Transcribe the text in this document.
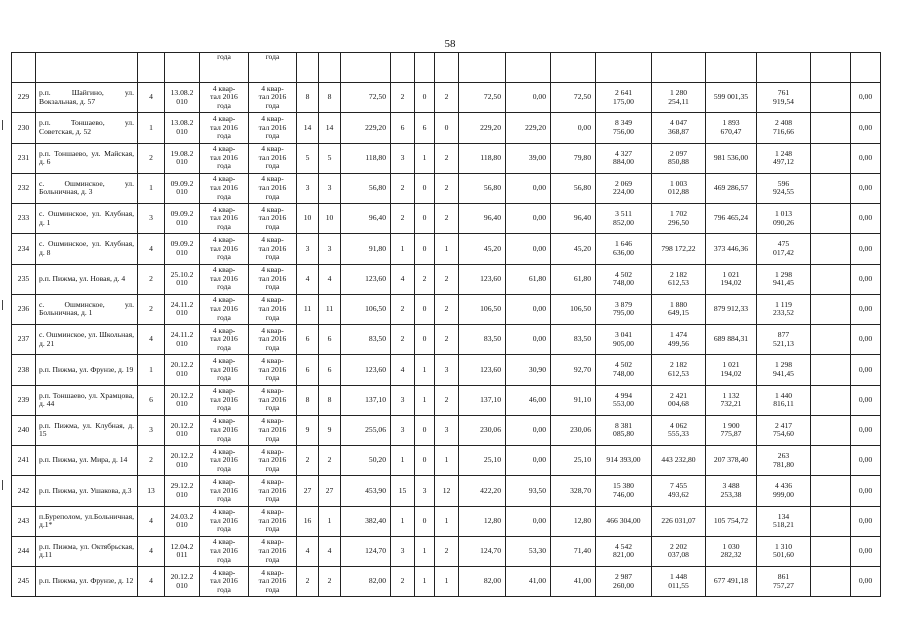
58
				года	года															
229	р.п. Шайгино, ул. Вокзальная, д. 57	4	13.08.2
010	4 квар-
тал 2016
года	4 квар-
тал 2016
года	8	8	72,50	2	0	2	72,50	0,00	72,50	2 641
175,00	1 280
254,11	599 001,35	761
919,54		0,00
230	р.п. Тоншаево, ул. Советская, д. 52	1	13.08.2
010	4 квар-
тал 2016
года	4 квар-
тал 2016
года	14	14	229,20	6	6	0	229,20	229,20	0,00	8 349
756,00	4 047
368,87	1 893
670,47	2 408
716,66		0,00
231	р.п. Тоншаево, ул. Майская, д. 6	2	19.08.2
010	4 квар-
тал 2016
года	4 квар-
тал 2016
года	5	5	118,80	3	1	2	118,80	39,00	79,80	4 327
884,00	2 097
850,88	981 536,00	1 248
497,12		0,00
232	с. Ошминское, ул. Больничная, д. 3	1	09.09.2
010	4 квар-
тал 2016
года	4 квар-
тал 2016
года	3	3	56,80	2	0	2	56,80	0,00	56,80	2 069
224,00	1 003
012,88	469 286,57	596
924,55		0,00
233	с. Ошминское, ул. Клубная, д. 1	3	09.09.2
010	4 квар-
тал 2016
года	4 квар-
тал 2016
года	10	10	96,40	2	0	2	96,40	0,00	96,40	3 511
852,00	1 702
296,50	796 465,24	1 013
090,26		0,00
234	с. Ошминское, ул. Клубная, д. 8	4	09.09.2
010	4 квар-
тал 2016
года	4 квар-
тал 2016
года	3	3	91,80	1	0	1	45,20	0,00	45,20	1 646
636,00	798 172,22	373 446,36	475
017,42		0,00
235	р.п. Пижма, ул. Новая, д. 4	2	25.10.2
010	4 квар-
тал 2016
года	4 квар-
тал 2016
года	4	4	123,60	4	2	2	123,60	61,80	61,80	4 502
748,00	2 182
612,53	1 021
194,02	1 298
941,45		0,00
236	с. Ошминское, ул. Больничная, д. 1	2	24.11.2
010	4 квар-
тал 2016
года	4 квар-
тал 2016
года	11	11	106,50	2	0	2	106,50	0,00	106,50	3 879
795,00	1 880
649,15	879 912,33	1 119
233,52		0,00
237	с. Ошминское, ул. Школьная, д. 21	4	24.11.2
010	4 квар-
тал 2016
года	4 квар-
тал 2016
года	6	6	83,50	2	0	2	83,50	0,00	83,50	3 041
905,00	1 474
499,56	689 884,31	877
521,13		0,00
238	р.п. Пижма, ул. Фрунзе, д. 19	1	20.12.2
010	4 квар-
тал 2016
года	4 квар-
тал 2016
года	6	6	123,60	4	1	3	123,60	30,90	92,70	4 502
748,00	2 182
612,53	1 021
194,02	1 298
941,45		0,00
239	р.п. Тоншаево, ул. Храмцова, д. 44	6	20.12.2
010	4 квар-
тал 2016
года	4 квар-
тал 2016
года	8	8	137,10	3	1	2	137,10	46,00	91,10	4 994
553,00	2 421
004,68	1 132
732,21	1 440
816,11		0,00
240	р.п. Пижма, ул. Клубная, д. 15	3	20.12.2
010	4 квар-
тал 2016
года	4 квар-
тал 2016
года	9	9	255,06	3	0	3	230,06	0,00	230,06	8 381
085,80	4 062
555,33	1 900
775,87	2 417
754,60		0,00
241	р.п. Пижма, ул. Мира, д. 14	2	20.12.2
010	4 квар-
тал 2016
года	4 квар-
тал 2016
года	2	2	50,20	1	0	1	25,10	0,00	25,10	914 393,00	443 232,80	207 378,40	263
781,80		0,00
242	р.п. Пижма, ул. Ушакова, д.3	13	29.12.2
010	4 квар-
тал 2016
года	4 квар-
тал 2016
года	27	27	453,90	15	3	12	422,20	93,50	328,70	15 380
746,00	7 455
493,62	3 488
253,38	4 436
999,00		0,00
243	п.Буреполом, ул.Больничная, д.1*	4	24.03.2
010	4 квар-
тал 2016
года	4 квар-
тал 2016
года	16	1	382,40	1	0	1	12,80	0,00	12,80	466 304,00	226 031,07	105 754,72	134
518,21		0,00
244	р.п. Пижма, ул. Октябрьская, д.11	4	12.04.2
011	4 квар-
тал 2016
года	4 квар-
тал 2016
года	4	4	124,70	3	1	2	124,70	53,30	71,40	4 542
821,00	2 202
037,08	1 030
282,32	1 310
501,60		0,00
245	р.п. Пижма, ул. Фрунзе, д. 12	4	20.12.2
010	4 квар-
тал 2016
года	4 квар-
тал 2016
года	2	2	82,00	2	1	1	82,00	41,00	41,00	2 987
260,00	1 448
011,55	677 491,18	861
757,27		0,00
